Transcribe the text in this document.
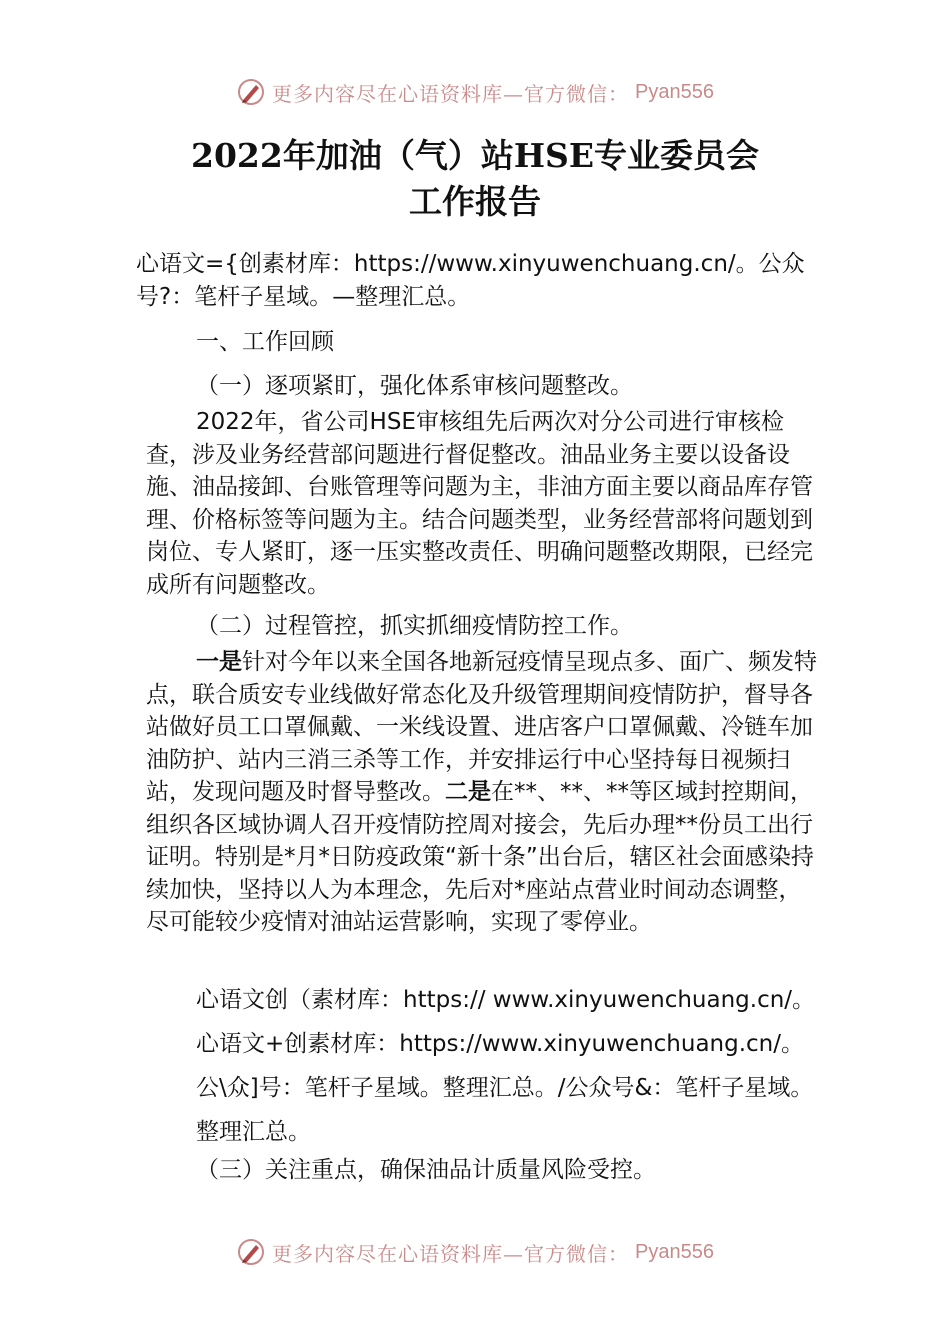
更多内容尽在心语资料库—官方微信： Pyan556
2022年加油（气）站HSE专业委员会
工作报告

心语文={创素材库：https://www.xinyuwenchuang.cn/。公众号?：笔杆子星域。—整理汇总。

一、工作回顾

（一）逐项紧盯，强化体系审核问题整改。

2022年，省公司HSE审核组先后两次对分公司进行审核检查，涉及业务经营部问题进行督促整改。油品业务主要以设备设施、油品接卸、台账管理等问题为主，非油方面主要以商品库存管理、价格标签等问题为主。结合问题类型，业务经营部将问题划到岗位、专人紧盯，逐一压实整改责任、明确问题整改期限，已经完成所有问题整改。

（二）过程管控，抓实抓细疫情防控工作。

一是针对今年以来全国各地新冠疫情呈现点多、面广、频发特点，联合质安专业线做好常态化及升级管理期间疫情防护，督导各站做好员工口罩佩戴、一米线设置、进店客户口罩佩戴、冷链车加油防护、站内三消三杀等工作，并安排运行中心坚持每日视频扫站，发现问题及时督导整改。二是在**、**、**等区域封控期间，组织各区域协调人召开疫情防控周对接会，先后办理**份员工出行证明。特别是*月*日防疫政策“新十条”出台后，辖区社会面感染持续加快，坚持以人为本理念，先后对*座站点营业时间动态调整，尽可能较少疫情对油站运营影响，实现了零停业。

心语文创（素材库：https:// www.xinyuwenchuang.cn/。心语文+创素材库：https://www.xinyuwenchuang.cn/。公\众]号：笔杆子星域。整理汇总。/公众号&：笔杆子星域。整理汇总。

（三）关注重点，确保油品计质量风险受控。

更多内容尽在心语资料库—官方微信： Pyan556
